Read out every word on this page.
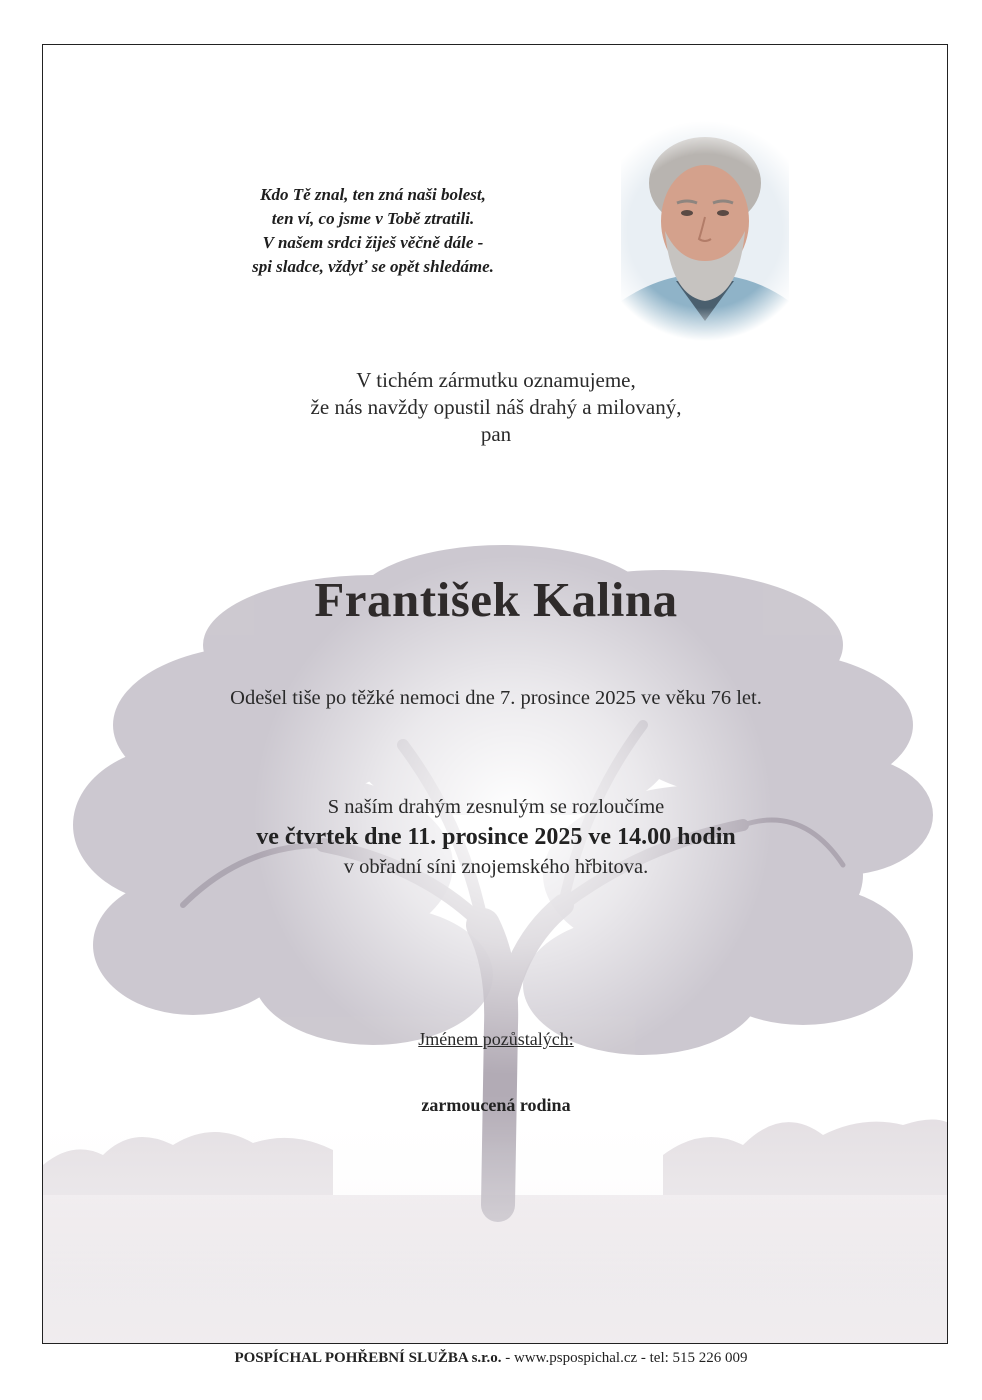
Kdo Tě znal, ten zná naši bolest,
ten ví, co jsme v Tobě ztratili.
V našem srdci žiješ věčně dále -
spi sladce, vždyť se opět shledáme.
V tichém zármutku oznamujeme,
že nás navždy opustil náš drahý a milovaný,
pan
František Kalina
Odešel tiše po těžké nemoci dne 7. prosince 2025 ve věku 76 let.
S naším drahým zesnulým se rozloučíme
ve čtvrtek dne 11. prosince 2025 ve 14.00 hodin
v obřadní síni znojemského hřbitova.
Jménem pozůstalých:
zarmoucená rodina
POSPÍCHAL POHŘEBNÍ SLUŽBA s.r.o. - www.pspospichal.cz - tel: 515 226 009
